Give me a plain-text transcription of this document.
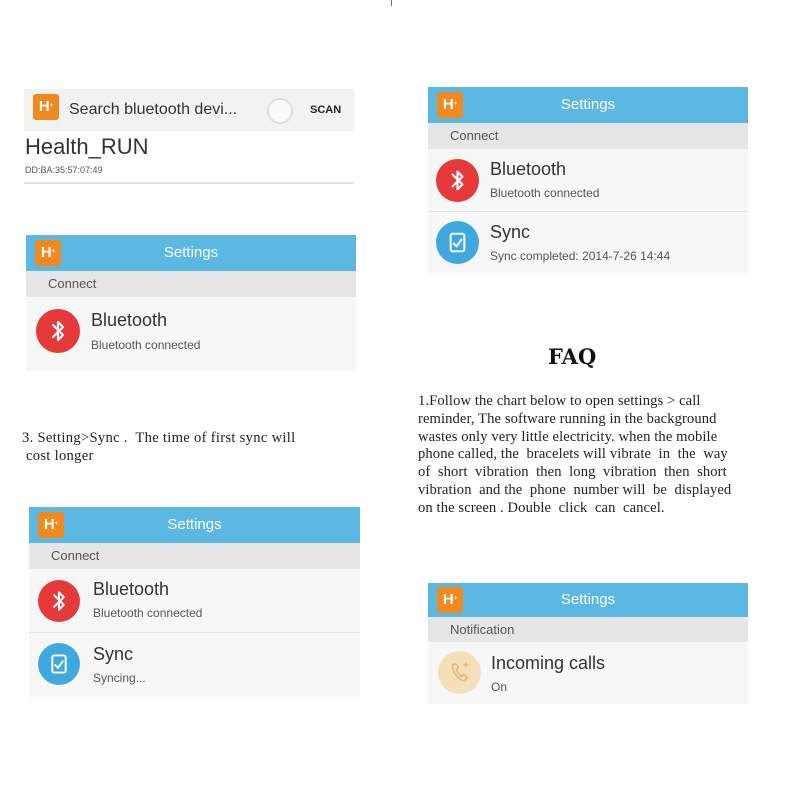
H+ Search bluetooth devi...	SCAN
Health_RUN
DD:BA:35:57:07:49
H+	Settings
Connect
Bluetooth
Bluetooth connected
3. Setting>Sync .  The time of first sync will
cost longer
H+	Settings
Connect
Bluetooth
Bluetooth connected
Sync
Syncing...
H+	Settings
Connect
Bluetooth
Bluetooth connected
Sync
Sync completed: 2014-7-26 14:44
FAQ
1.Follow the chart below to open settings > call
reminder, The software running in the background
wastes only very little electricity. when the mobile
phone called, the  bracelets will vibrate  in  the  way
of  short  vibration  then  long  vibration  then  short
vibration  and the  phone  number will  be  displayed
on the screen . Double  click  can  cancel.
H+	Settings
Notification
Incoming calls
On
